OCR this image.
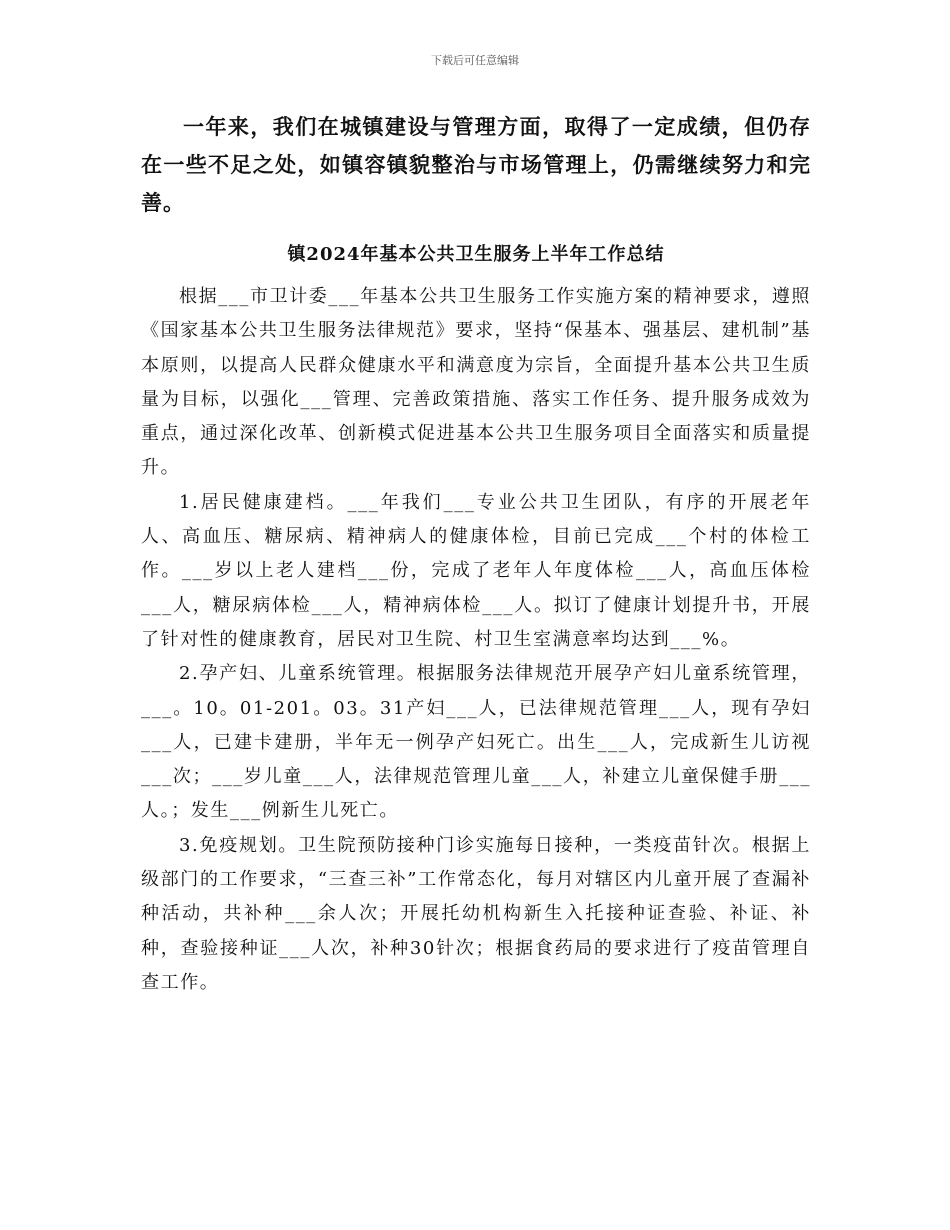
下载后可任意编辑

一年来，我们在城镇建设与管理方面，取得了一定成绩，但仍存在一些不足之处，如镇容镇貌整治与市场管理上，仍需继续努力和完善。

镇2024年基本公共卫生服务上半年工作总结

根据___市卫计委___年基本公共卫生服务工作实施方案的精神要求，遵照《国家基本公共卫生服务法律规范》要求，坚持“保基本、强基层、建机制”基本原则，以提高人民群众健康水平和满意度为宗旨，全面提升基本公共卫生质量为目标，以强化___管理、完善政策措施、落实工作任务、提升服务成效为重点，通过深化改革、创新模式促进基本公共卫生服务项目全面落实和质量提升。

1.居民健康建档。___年我们___专业公共卫生团队，有序的开展老年人、高血压、糖尿病、精神病人的健康体检，目前已完成___个村的体检工作。___岁以上老人建档___份，完成了老年人年度体检___人，高血压体检___人，糖尿病体检___人，精神病体检___人。拟订了健康计划提升书，开展了针对性的健康教育，居民对卫生院、村卫生室满意率均达到___%。

2.孕产妇、儿童系统管理。根据服务法律规范开展孕产妇儿童系统管理，___。10。01-201。03。31产妇___人，已法律规范管理___人，现有孕妇___人，已建卡建册，半年无一例孕产妇死亡。出生___人，完成新生儿访视___次；___岁儿童___人，法律规范管理儿童___人，补建立儿童保健手册___人。；发生___例新生儿死亡。

3.免疫规划。卫生院预防接种门诊实施每日接种，一类疫苗针次。根据上级部门的工作要求，“三查三补”工作常态化，每月对辖区内儿童开展了查漏补种活动，共补种___余人次；开展托幼机构新生入托接种证查验、补证、补种，查验接种证___人次，补种30针次；根据食药局的要求进行了疫苗管理自查工作。
